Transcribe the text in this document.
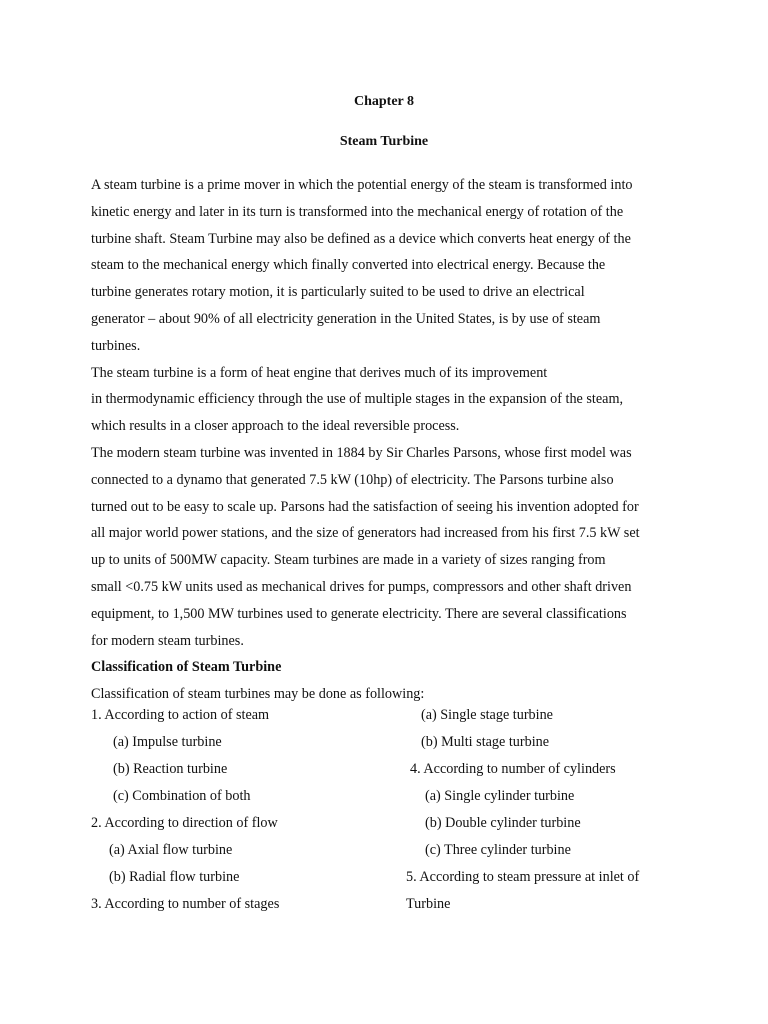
Chapter 8
Steam Turbine
A steam turbine is a prime mover in which the potential energy of the steam is transformed into
kinetic energy and later in its turn is transformed into the mechanical energy of rotation of the
turbine shaft. Steam Turbine may also be defined as a device which converts heat energy of the
steam to the mechanical energy which finally converted into electrical energy. Because the
turbine generates rotary motion, it is particularly suited to be used to drive an electrical
generator – about 90% of all electricity generation in the United States, is by use of steam
turbines.
The steam turbine is a form of heat engine that derives much of its improvement
in thermodynamic efficiency through the use of multiple stages in the expansion of the steam,
which results in a closer approach to the ideal reversible process.
The modern steam turbine was invented in 1884 by Sir Charles Parsons, whose first model was
connected to a dynamo that generated 7.5 kW (10hp) of electricity. The Parsons turbine also
turned out to be easy to scale up. Parsons had the satisfaction of seeing his invention adopted for
all major world power stations, and the size of generators had increased from his first 7.5 kW set
up to units of 500MW capacity. Steam turbines are made in a variety of sizes ranging from
small <0.75 kW units used as mechanical drives for pumps, compressors and other shaft driven
equipment, to 1,500 MW turbines used to generate electricity. There are several classifications
for modern steam turbines.
Classification of Steam Turbine
Classification of steam turbines may be done as following:
1. According to action of steam
(a) Impulse turbine
(b) Reaction turbine
(c) Combination of both
2. According to direction of flow
(a) Axial flow turbine
(b) Radial flow turbine
3. According to number of stages
(a) Single stage turbine
(b) Multi stage turbine
4. According to number of cylinders
(a) Single cylinder turbine
(b) Double cylinder turbine
(c) Three cylinder turbine
5. According to steam pressure at inlet of
Turbine
